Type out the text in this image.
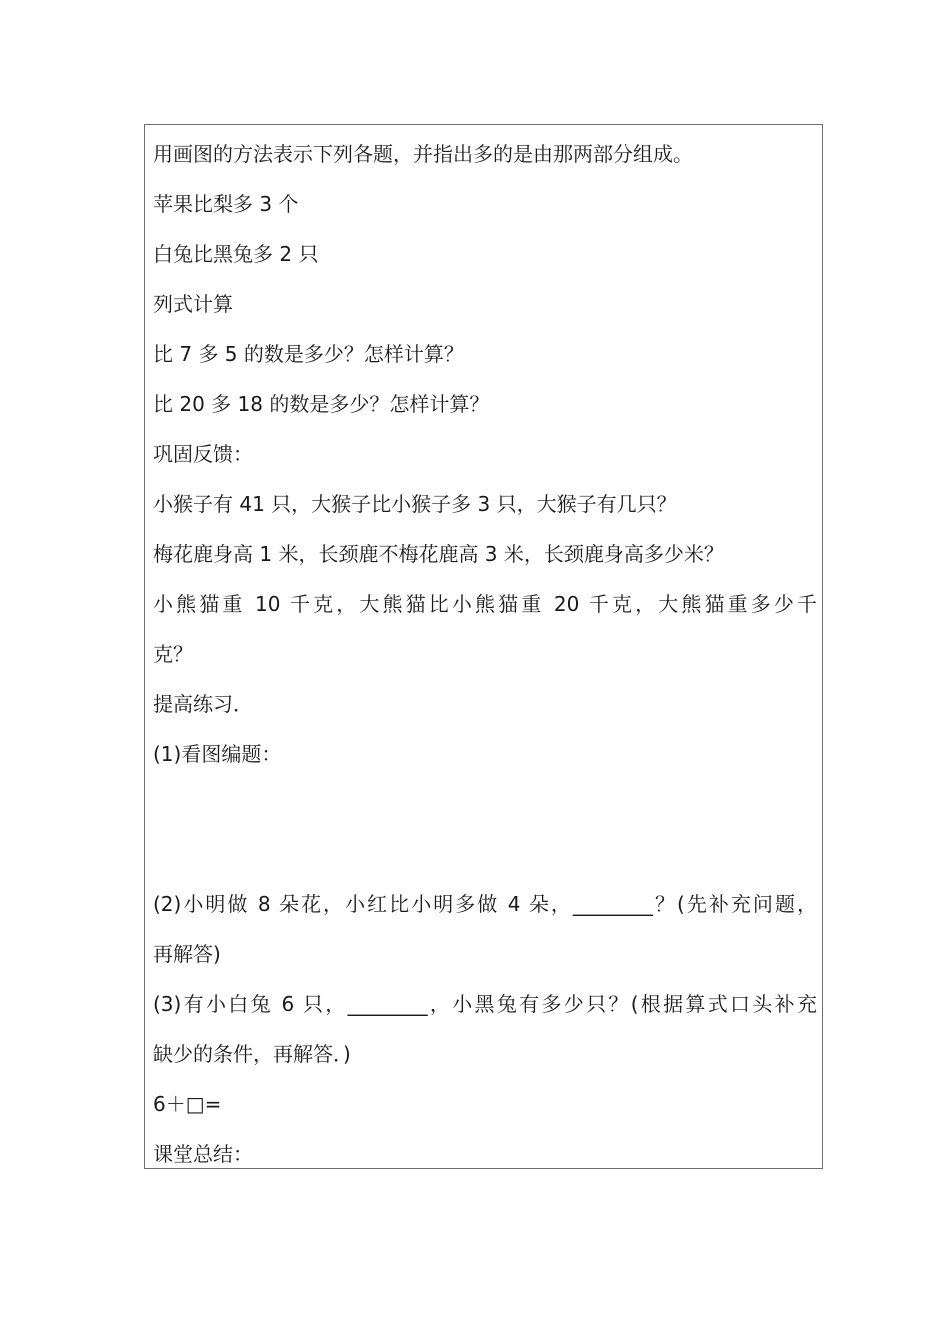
用画图的方法表示下列各题，并指出多的是由那两部分组成。
苹果比梨多 3 个
白兔比黑兔多 2 只
列式计算
比 7 多 5 的数是多少？怎样计算？
比 20 多 18 的数是多少？怎样计算？
巩固反馈：
小猴子有 41 只，大猴子比小猴子多 3 只，大猴子有几只？
梅花鹿身高 1 米，长颈鹿不梅花鹿高 3 米，长颈鹿身高多少米？
小熊猫重 10 千克，大熊猫比小熊猫重 20 千克，大熊猫重多少千
克？
提高练习．
(1)看图编题：
(2)小明做 8 朵花，小红比小明多做 4 朵，________？(先补充问题，
再解答)
(3)有小白兔 6 只，________，小黑兔有多少只？(根据算式口头补充
缺少的条件，再解答．)
6＋□=
课堂总结：
